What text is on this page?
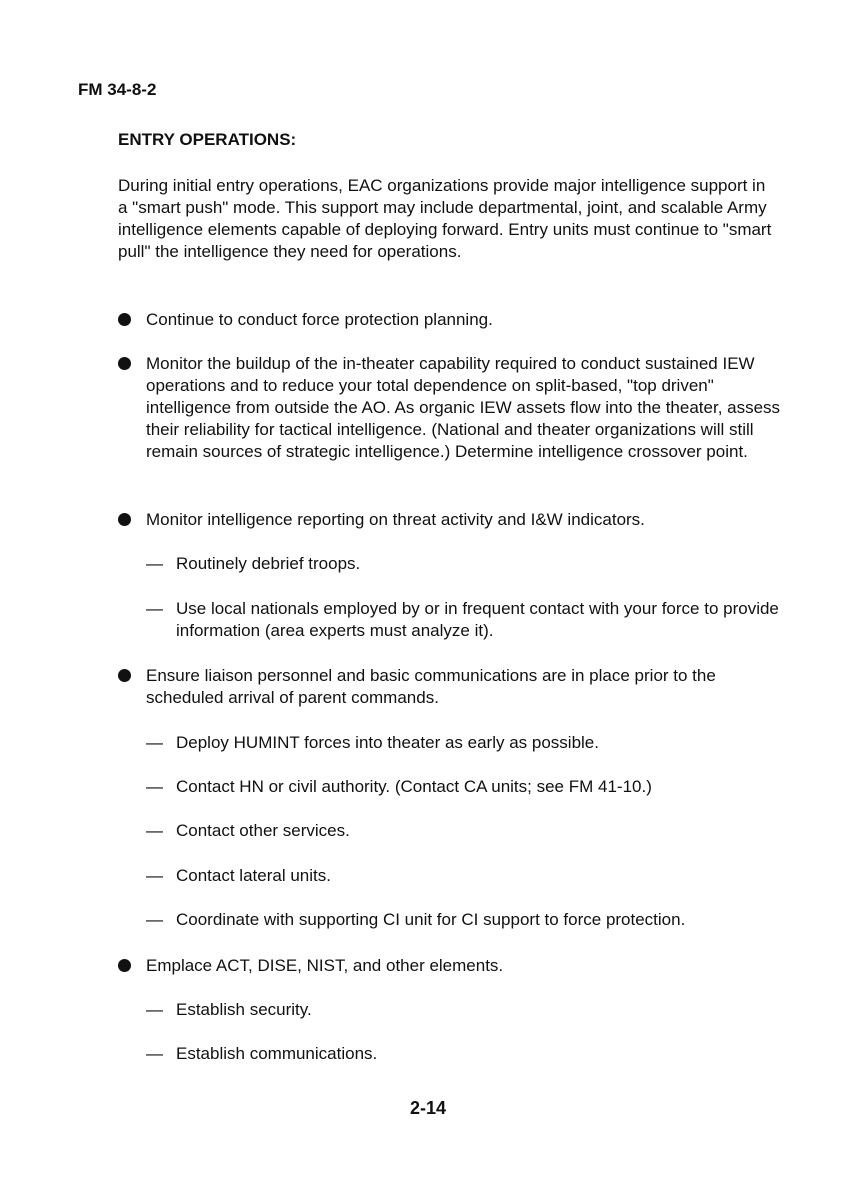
FM 34-8-2
ENTRY OPERATIONS:

During initial entry operations, EAC organizations provide major intelligence support in a "smart push" mode. This support may include departmental, joint, and scalable Army intelligence elements capable of deploying forward. Entry units must continue to "smart pull" the intelligence they need for operations.

Continue to conduct force protection planning.
Monitor the buildup of the in-theater capability required to conduct sustained IEW operations and to reduce your total dependence on split-based, "top driven" intelligence from outside the AO. As organic IEW assets flow into the theater, assess their reliability for tactical intelligence. (National and theater organizations will still remain sources of strategic intelligence.) Determine intelligence crossover point.
Monitor intelligence reporting on threat activity and I&W indicators.
— Routinely debrief troops.
— Use local nationals employed by or in frequent contact with your force to provide information (area experts must analyze it).
Ensure liaison personnel and basic communications are in place prior to the scheduled arrival of parent commands.
— Deploy HUMINT forces into theater as early as possible.
— Contact HN or civil authority. (Contact CA units; see FM 41-10.)
— Contact other services.
— Contact lateral units.
— Coordinate with supporting CI unit for CI support to force protection.
Emplace ACT, DISE, NIST, and other elements.
— Establish security.
— Establish communications.
2-14
